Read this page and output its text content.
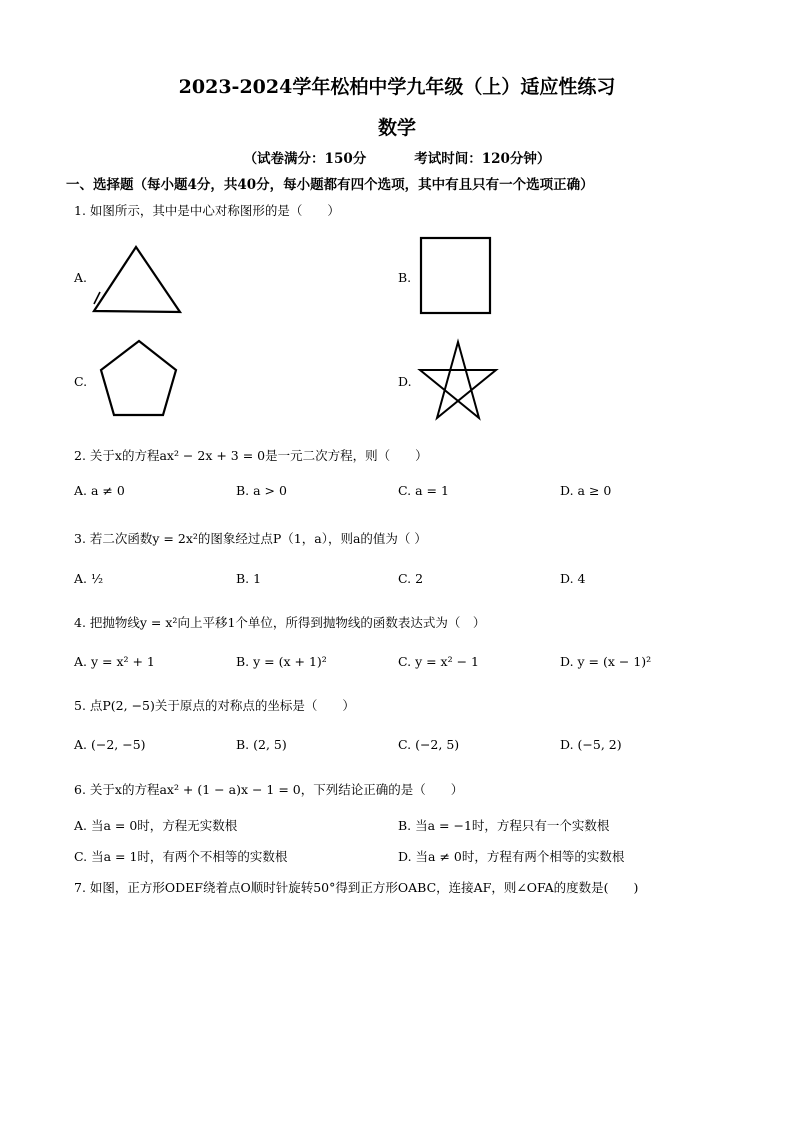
2023-2024学年松柏中学九年级（上）适应性练习
数学
（试卷满分：150分	考试时间：120分钟）
一、选择题（每小题4分，共40分，每小题都有四个选项，其中有且只有一个选项正确）
1. 如图所示，其中是中心对称图形的是（　　）
A.	B.
C.	D.
2. 关于x的方程ax² − 2x + 3 = 0是一元二次方程，则（　　）
A. a ≠ 0	B. a > 0	C. a = 1	D. a ≥ 0
3. 若二次函数y = 2x²的图象经过点P（1，a），则a的值为（ ）
A. ½	B. 1	C. 2	D. 4
4. 把抛物线y = x²向上平移1个单位，所得到抛物线的函数表达式为（　）
A. y = x² + 1	B. y = (x + 1)²	C. y = x² − 1	D. y = (x − 1)²
5. 点P(2, −5)关于原点的对称点的坐标是（　　）
A. (−2, −5)	B. (2, 5)	C. (−2, 5)	D. (−5, 2)
6. 关于x的方程ax² + (1 − a)x − 1 = 0，下列结论正确的是（　　）
A. 当a = 0时，方程无实数根	B. 当a = −1时，方程只有一个实数根
C. 当a = 1时，有两个不相等的实数根	D. 当a ≠ 0时，方程有两个相等的实数根
7. 如图，正方形ODEF绕着点O顺时针旋转50°得到正方形OABC，连接AF，则∠OFA的度数是(　　)
